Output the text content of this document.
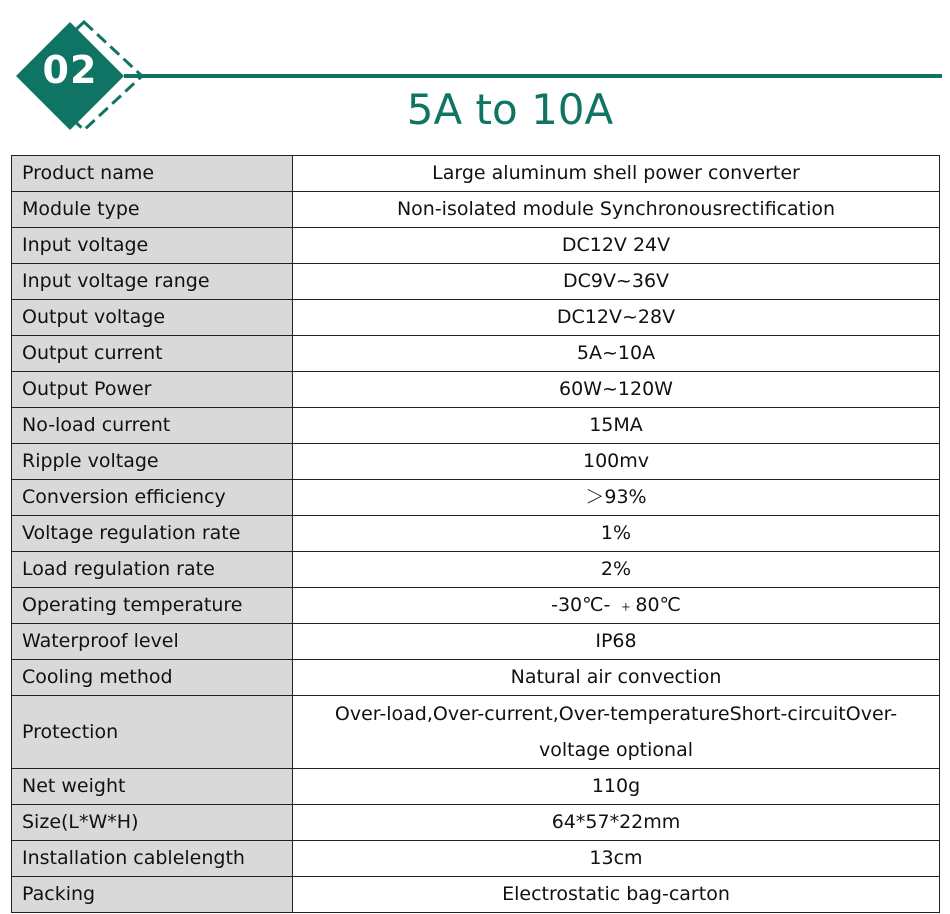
02
5A to 10A
Product name	Large aluminum shell power converter
Module type	Non-isolated module Synchronousrectification
Input voltage	DC12V 24V
Input voltage range	DC9V~36V
Output voltage	DC12V~28V
Output current	5A~10A
Output Power	60W~120W
No-load current	15MA
Ripple voltage	100mv
Conversion efficiency	＞93%
Voltage regulation rate	1%
Load regulation rate	2%
Operating temperature	-30℃- ﹢80℃
Waterproof level	IP68
Cooling method	Natural air convection
Protection	Over-load,Over-current,Over-temperatureShort-circuitOver-voltage optional
Net weight	110g
Size(L*W*H)	64*57*22mm
Installation cablelength	13cm
Packing	Electrostatic bag-carton
